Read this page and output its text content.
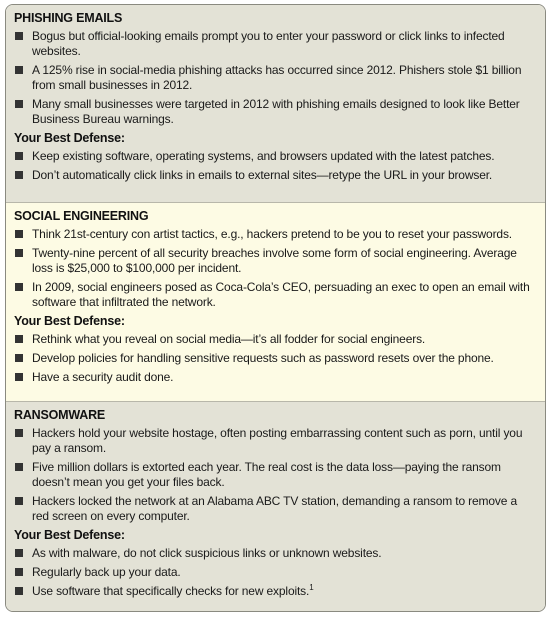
PHISHING EMAILS
Bogus but official-looking emails prompt you to enter your password or click links to infected websites.
A 125% rise in social-media phishing attacks has occurred since 2012. Phishers stole $1 billion from small businesses in 2012.
Many small businesses were targeted in 2012 with phishing emails designed to look like Better Business Bureau warnings.
Your Best Defense:
Keep existing software, operating systems, and browsers updated with the latest patches.
Don’t automatically click links in emails to external sites—retype the URL in your browser.
SOCIAL ENGINEERING
Think 21st-century con artist tactics, e.g., hackers pretend to be you to reset your passwords.
Twenty-nine percent of all security breaches involve some form of social engineering. Average loss is $25,000 to $100,000 per incident.
In 2009, social engineers posed as Coca-Cola’s CEO, persuading an exec to open an email with software that infiltrated the network.
Your Best Defense:
Rethink what you reveal on social media—it’s all fodder for social engineers.
Develop policies for handling sensitive requests such as password resets over the phone.
Have a security audit done.
RANSOMWARE
Hackers hold your website hostage, often posting embarrassing content such as porn, until you pay a ransom.
Five million dollars is extorted each year. The real cost is the data loss—paying the ransom doesn’t mean you get your files back.
Hackers locked the network at an Alabama ABC TV station, demanding a ransom to remove a red screen on every computer.
Your Best Defense:
As with malware, do not click suspicious links or unknown websites.
Regularly back up your data.
Use software that specifically checks for new exploits.$^1$
